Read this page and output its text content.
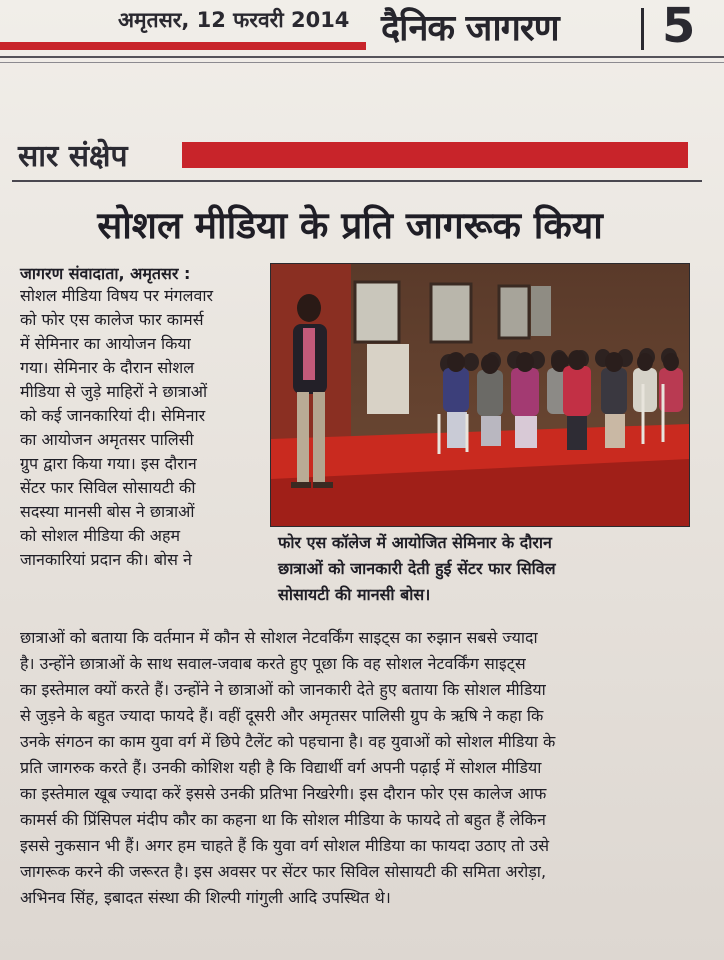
अमृतसर, 12 फरवरी 2014 दैनिक जागरण 5
सार संक्षेप
सोशल मीडिया के प्रति जागरूक किया
जागरण संवादाता, अमृतसर :
सोशल मीडिया विषय पर मंगलवार
को फोर एस कालेज फार कामर्स
में सेमिनार का आयोजन किया
गया। सेमिनार के दौरान सोशल
मीडिया से जुड़े माहिरों ने छात्राओं
को कई जानकारियां दी। सेमिनार
का आयोजन अमृतसर पालिसी
ग्रुप द्वारा किया गया। इस दौरान
सेंटर फार सिविल सोसायटी की
सदस्या मानसी बोस ने छात्राओं
को सोशल मीडिया की अहम
जानकारियां प्रदान की। बोस ने
फोर एस कॉलेज में आयोजित सेमिनार के दौरान
छात्राओं को जानकारी देती हुई सेंटर फार सिविल
सोसायटी की मानसी बोस।
छात्राओं को बताया कि वर्तमान में कौन से सोशल नेटवर्किंग साइट्स का रुझान सबसे ज्यादा
है। उन्होंने छात्राओं के साथ सवाल-जवाब करते हुए पूछा कि वह सोशल नेटवर्किंग साइट्स
का इस्तेमाल क्यों करते हैं। उन्होंने ने छात्राओं को जानकारी देते हुए बताया कि सोशल मीडिया
से जुड़ने के बहुत ज्यादा फायदे हैं। वहीं दूसरी और अमृतसर पालिसी ग्रुप के ऋषि ने कहा कि
उनके संगठन का काम युवा वर्ग में छिपे टैलेंट को पहचाना है। वह युवाओं को सोशल मीडिया के
प्रति जागरुक करते हैं। उनकी कोशिश यही है कि विद्यार्थी वर्ग अपनी पढ़ाई में सोशल मीडिया
का इस्तेमाल खूब ज्यादा करें इससे उनकी प्रतिभा निखरेगी। इस दौरान फोर एस कालेज आफ
कामर्स की प्रिंसिपल मंदीप कौर का कहना था कि सोशल मीडिया के फायदे तो बहुत हैं लेकिन
इससे नुकसान भी हैं। अगर हम चाहते हैं कि युवा वर्ग सोशल मीडिया का फायदा उठाए तो उसे
जागरूक करने की जरूरत है। इस अवसर पर सेंटर फार सिविल सोसायटी की समिता अरोड़ा,
अभिनव सिंह, इबादत संस्था की शिल्पी गांगुली आदि उपस्थित थे।
